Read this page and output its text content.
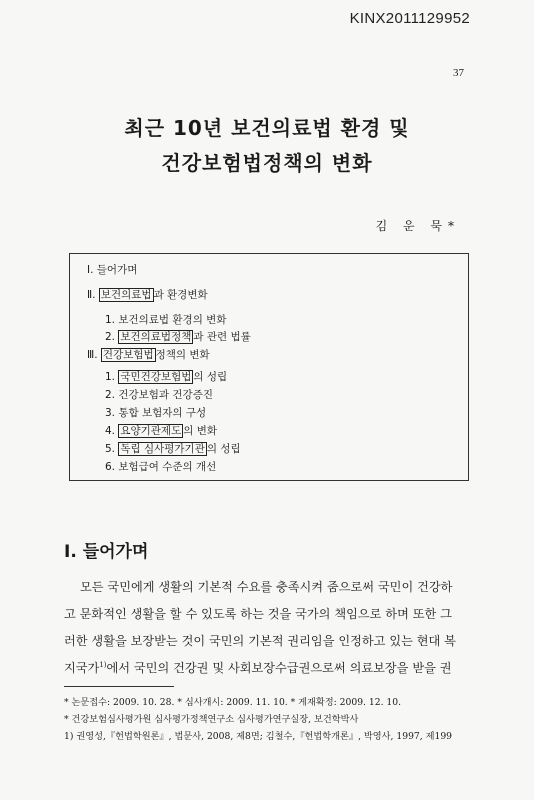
KINX2011129952
37
최근 10년 보건의료법 환경 및
건강보험법정책의 변화
김 운 묵*
Ⅰ. 들어가며
Ⅱ. 보건의료법 과 환경변화
1. 보건의료법 환경의 변화
2. 보건의료법정책 과 관련 법률
Ⅲ. 건강보험법 정책의 변화
1. 국민건강보험법 의 성립
2. 건강보험과 건강증진
3. 통합 보험자의 구성
4. 요양기관제도 의 변화
5. 독립 심사평가기관 의 성립
6. 보험급여 수준의 개선
I. 들어가며
모든 국민에게 생활의 기본적 수요를 충족시켜 줌으로써 국민이 건강하
고 문화적인 생활을 할 수 있도록 하는 것을 국가의 책임으로 하며 또한 그
러한 생활을 보장받는 것이 국민의 기본적 권리임을 인정하고 있는 현대 복
지국가$^{1)}$에서 국민의 건강권 및 사회보장수급권으로써 의료보장을 받을 권
* 논문접수: 2009. 10. 28. * 심사개시: 2009. 11. 10. * 게재확정: 2009. 12. 10.
* 건강보험심사평가원 심사평가정책연구소 심사평가연구실장, 보건학박사
1) 권영성,『헌법학원론』, 법문사, 2008, 제8면; 김철수,『헌법학개론』, 박영사, 1997, 제199
